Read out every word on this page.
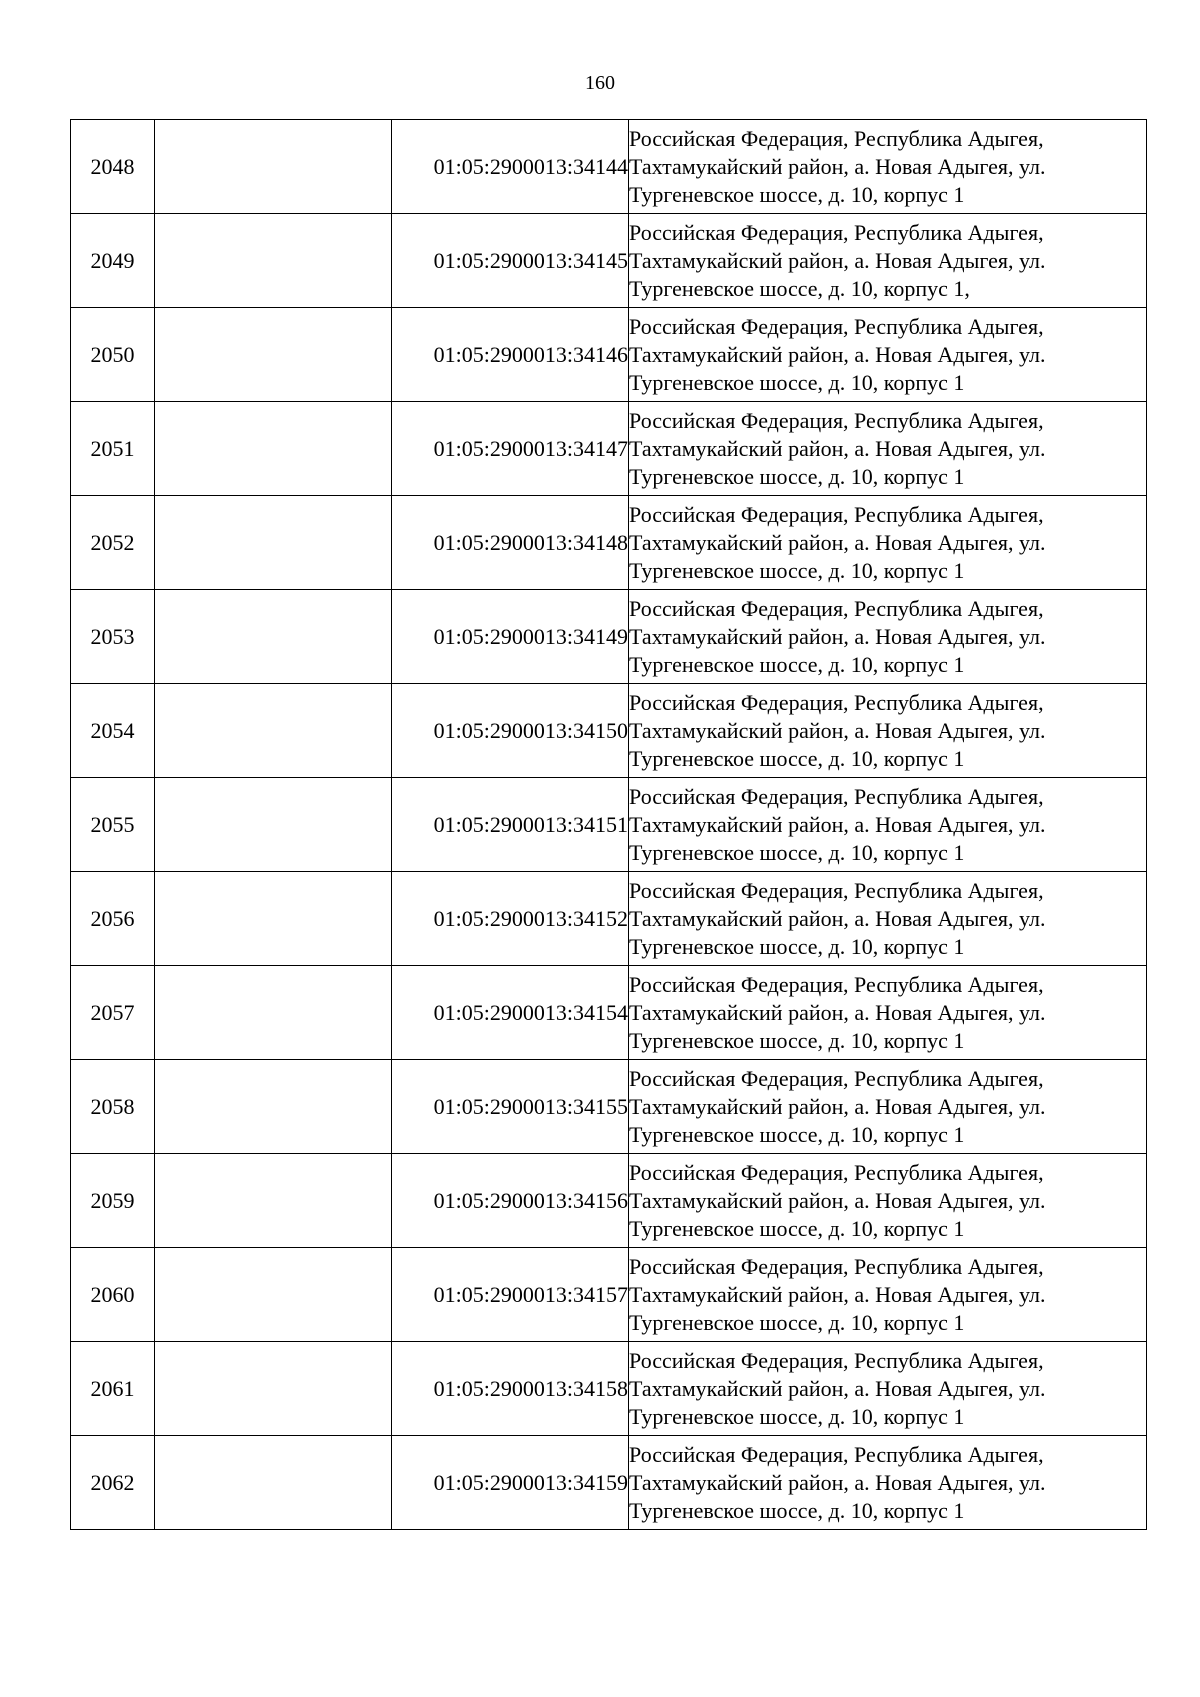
160
2048		01:05:2900013:34144	Российская Федерация, Республика Адыгея, Тахтамукайский район, а. Новая Адыгея, ул. Тургеневское шоссе, д. 10, корпус 1
2049		01:05:2900013:34145	Российская Федерация, Республика Адыгея, Тахтамукайский район, а. Новая Адыгея, ул. Тургеневское шоссе, д. 10, корпус 1,
2050		01:05:2900013:34146	Российская Федерация, Республика Адыгея, Тахтамукайский район, а. Новая Адыгея, ул. Тургеневское шоссе, д. 10, корпус 1
2051		01:05:2900013:34147	Российская Федерация, Республика Адыгея, Тахтамукайский район, а. Новая Адыгея, ул. Тургеневское шоссе, д. 10, корпус 1
2052		01:05:2900013:34148	Российская Федерация, Республика Адыгея, Тахтамукайский район, а. Новая Адыгея, ул. Тургеневское шоссе, д. 10, корпус 1
2053		01:05:2900013:34149	Российская Федерация, Республика Адыгея, Тахтамукайский район, а. Новая Адыгея, ул. Тургеневское шоссе, д. 10, корпус 1
2054		01:05:2900013:34150	Российская Федерация, Республика Адыгея, Тахтамукайский район, а. Новая Адыгея, ул. Тургеневское шоссе, д. 10, корпус 1
2055		01:05:2900013:34151	Российская Федерация, Республика Адыгея, Тахтамукайский район, а. Новая Адыгея, ул. Тургеневское шоссе, д. 10, корпус 1
2056		01:05:2900013:34152	Российская Федерация, Республика Адыгея, Тахтамукайский район, а. Новая Адыгея, ул. Тургеневское шоссе, д. 10, корпус 1
2057		01:05:2900013:34154	Российская Федерация, Республика Адыгея, Тахтамукайский район, а. Новая Адыгея, ул. Тургеневское шоссе, д. 10, корпус 1
2058		01:05:2900013:34155	Российская Федерация, Республика Адыгея, Тахтамукайский район, а. Новая Адыгея, ул. Тургеневское шоссе, д. 10, корпус 1
2059		01:05:2900013:34156	Российская Федерация, Республика Адыгея, Тахтамукайский район, а. Новая Адыгея, ул. Тургеневское шоссе, д. 10, корпус 1
2060		01:05:2900013:34157	Российская Федерация, Республика Адыгея, Тахтамукайский район, а. Новая Адыгея, ул. Тургеневское шоссе, д. 10, корпус 1
2061		01:05:2900013:34158	Российская Федерация, Республика Адыгея, Тахтамукайский район, а. Новая Адыгея, ул. Тургеневское шоссе, д. 10, корпус 1
2062		01:05:2900013:34159	Российская Федерация, Республика Адыгея, Тахтамукайский район, а. Новая Адыгея, ул. Тургеневское шоссе, д. 10, корпус 1
